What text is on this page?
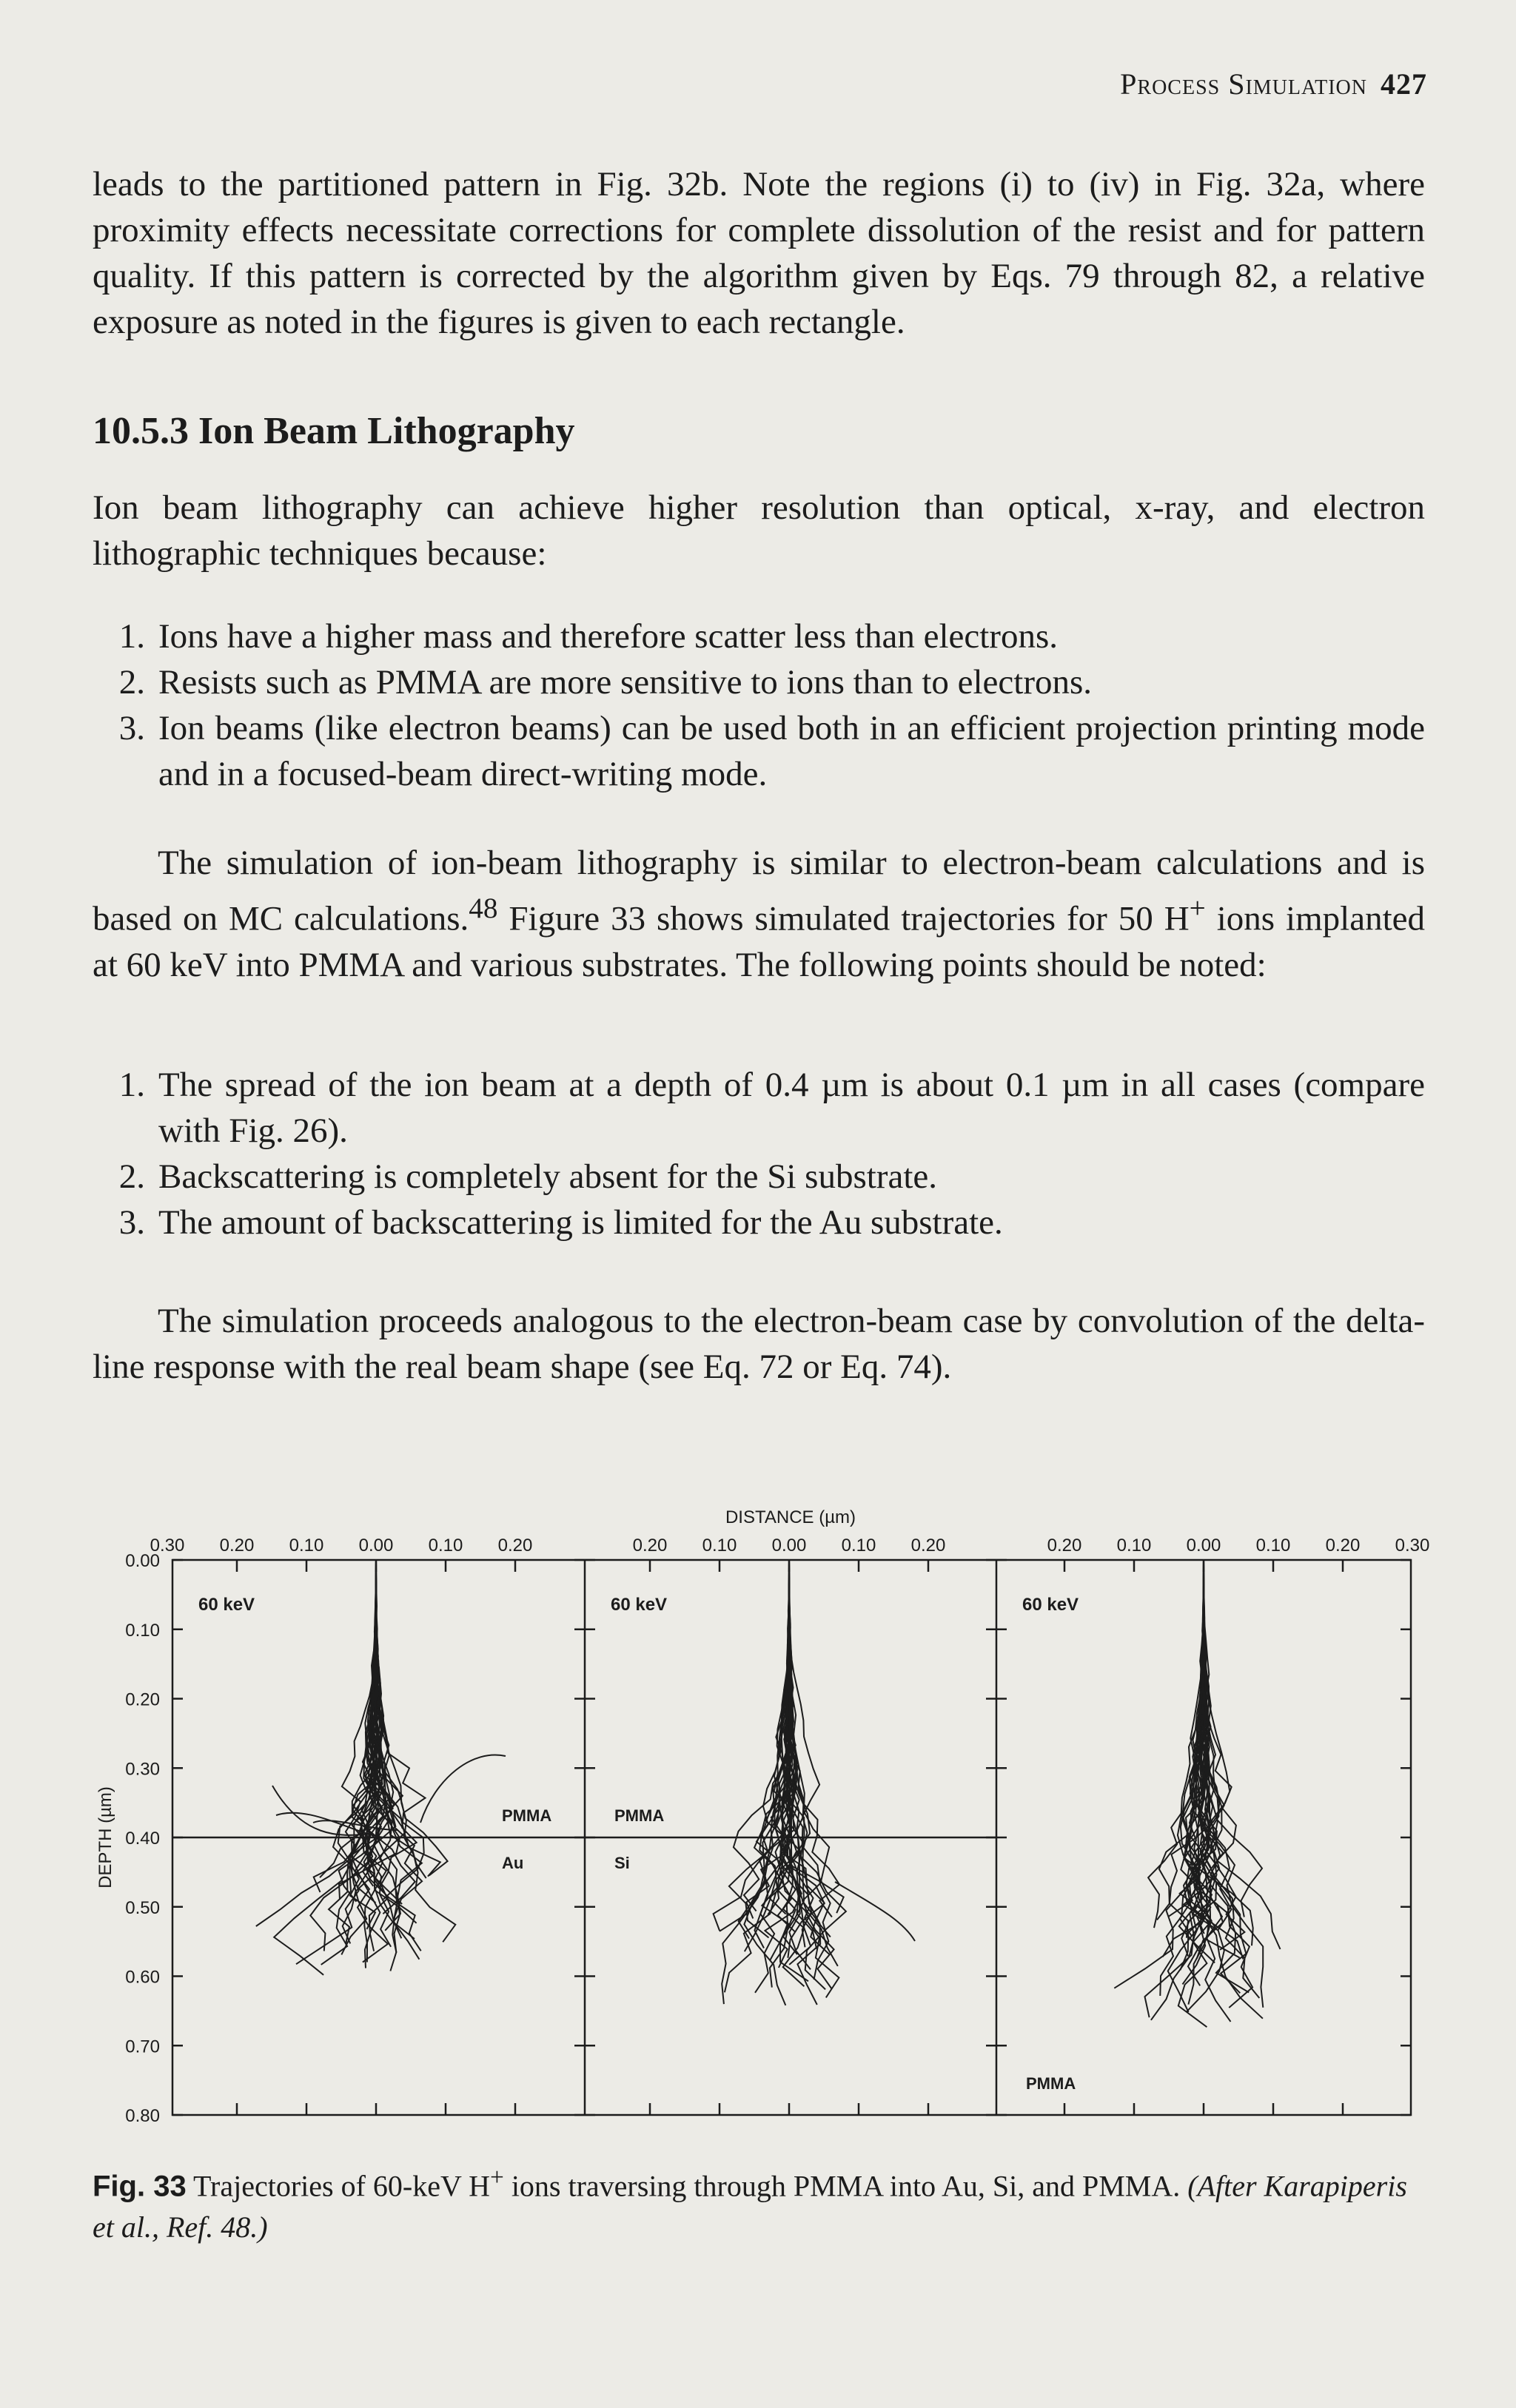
Process Simulation 427

leads to the partitioned pattern in Fig. 32b. Note the regions (i) to (iv) in Fig. 32a, where proximity effects necessitate corrections for complete dissolution of the resist and for pattern quality. If this pattern is corrected by the algorithm given by Eqs. 79 through 82, a relative exposure as noted in the figures is given to each rectangle.

10.5.3 Ion Beam Lithography

Ion beam lithography can achieve higher resolution than optical, x-ray, and electron lithographic techniques because:

1. Ions have a higher mass and therefore scatter less than electrons.
2. Resists such as PMMA are more sensitive to ions than to electrons.
3. Ion beams (like electron beams) can be used both in an efficient projection printing mode and in a focused-beam direct-writing mode.

The simulation of ion-beam lithography is similar to electron-beam calculations and is based on MC calculations.$^{48}$ Figure 33 shows simulated trajectories for 50 H+ ions implanted at 60 keV into PMMA and various substrates. The following points should be noted:

1. The spread of the ion beam at a depth of 0.4 µm is about 0.1 µm in all cases (compare with Fig. 26).
2. Backscattering is completely absent for the Si substrate.
3. The amount of backscattering is limited for the Au substrate.

The simulation proceeds analogous to the electron-beam case by convolution of the delta-line response with the real beam shape (see Eq. 72 or Eq. 74).

0.00
0.10
0.20
0.30
0.40
0.50
0.60
0.70
0.80
DEPTH (µm)
DISTANCE (µm)
0.30 0.20 0.10 0.00 0.10 0.20
60 keV
0.20 0.10 0.00 0.10 0.20
60 keV
0.20 0.10 0.00 0.10 0.20 0.30
60 keV
PMMA
Au
PMMA
Si
PMMA

Fig. 33 Trajectories of 60-keV H+ ions traversing through PMMA into Au, Si, and PMMA. (After Karapiperis et al., Ref. 48.)
